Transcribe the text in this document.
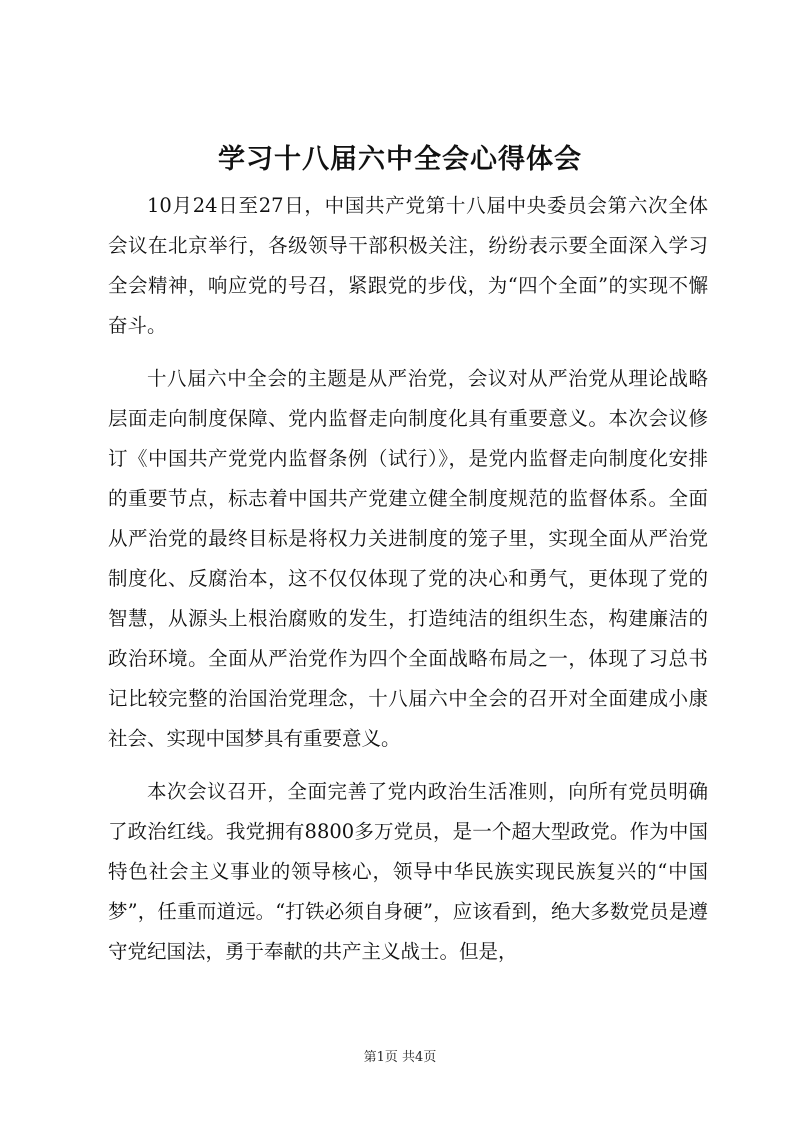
学习十八届六中全会心得体会

10月24日至27日，中国共产党第十八届中央委员会第六次全体会议在北京举行，各级领导干部积极关注，纷纷表示要全面深入学习全会精神，响应党的号召，紧跟党的步伐，为“四个全面”的实现不懈奋斗。

十八届六中全会的主题是从严治党，会议对从严治党从理论战略层面走向制度保障、党内监督走向制度化具有重要意义。本次会议修订《中国共产党党内监督条例（试行）》，是党内监督走向制度化安排的重要节点，标志着中国共产党建立健全制度规范的监督体系。全面从严治党的最终目标是将权力关进制度的笼子里，实现全面从严治党制度化、反腐治本，这不仅仅体现了党的决心和勇气，更体现了党的智慧，从源头上根治腐败的发生，打造纯洁的组织生态，构建廉洁的政治环境。全面从严治党作为四个全面战略布局之一，体现了习总书记比较完整的治国治党理念，十八届六中全会的召开对全面建成小康社会、实现中国梦具有重要意义。

本次会议召开，全面完善了党内政治生活准则，向所有党员明确了政治红线。我党拥有8800多万党员，是一个超大型政党。作为中国特色社会主义事业的领导核心，领导中华民族实现民族复兴的“中国梦”，任重而道远。“打铁必须自身硬”，应该看到，绝大多数党员是遵守党纪国法，勇于奉献的共产主义战士。但是，

第1页 共4页
